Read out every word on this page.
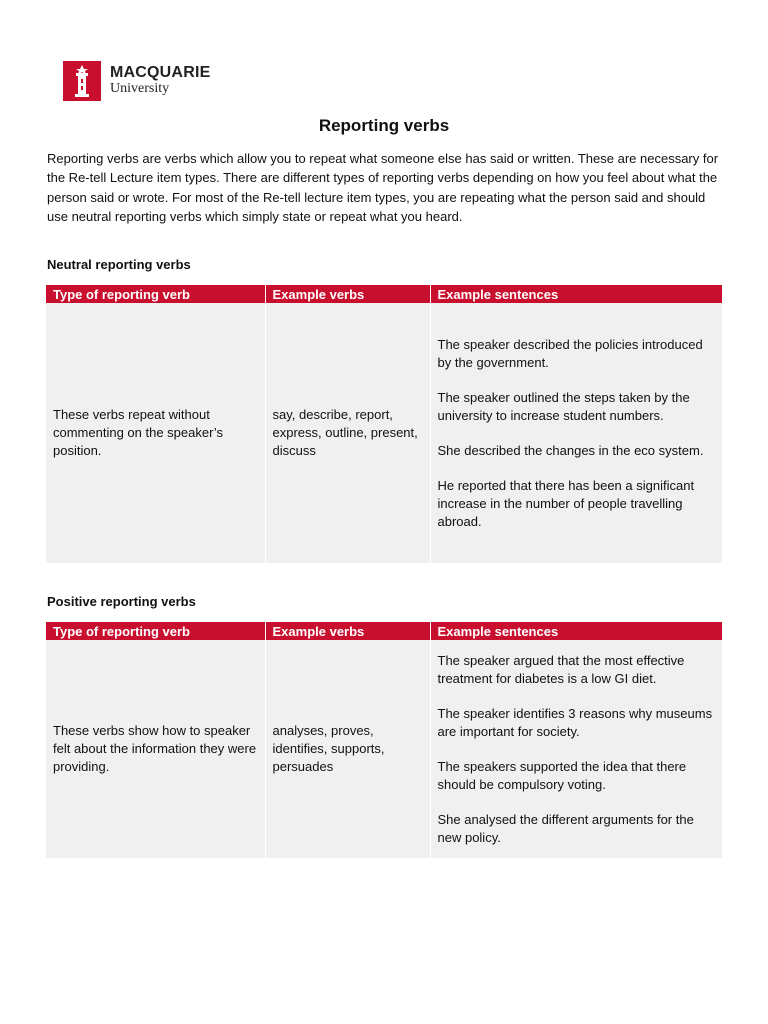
MACQUARIE
University
Reporting verbs

Reporting verbs are verbs which allow you to repeat what someone else has said or written. These are necessary for the Re-tell Lecture item types. There are different types of reporting verbs depending on how you feel about what the person said or wrote. For most of the Re-tell lecture item types, you are repeating what the person said and should use neutral reporting verbs which simply state or repeat what you heard.

Neutral reporting verbs
Type of reporting verb	Example verbs	Example sentences
These verbs repeat without commenting on the speaker’s position.	say, describe, report, express, outline, present, discuss	The speaker described the policies introduced by the government.

The speaker outlined the steps taken by the university to increase student numbers.

She described the changes in the eco system.

He reported that there has been a significant increase in the number of people travelling abroad.

Positive reporting verbs
Type of reporting verb	Example verbs	Example sentences
These verbs show how to speaker felt about the information they were providing.	analyses, proves, identifies, supports, persuades	The speaker argued that the most effective treatment for diabetes is a low GI diet.

The speaker identifies 3 reasons why museums are important for society.

The speakers supported the idea that there should be compulsory voting.

She analysed the different arguments for the new policy.
